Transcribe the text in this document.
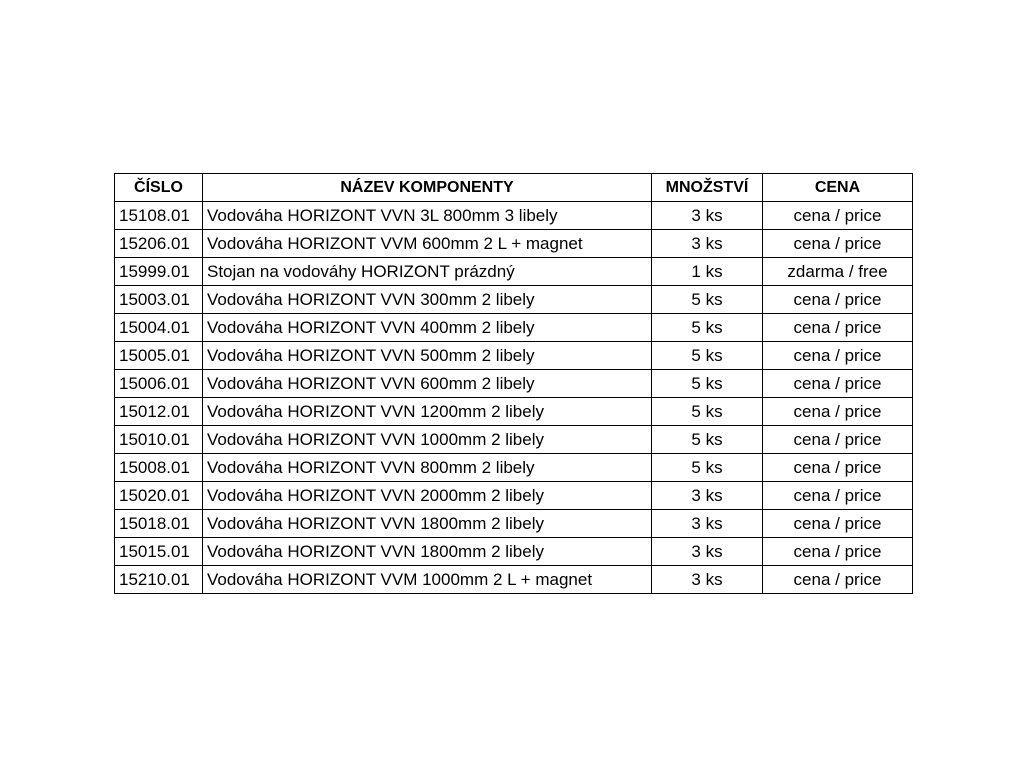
ČÍSLO	NÁZEV KOMPONENTY	MNOŽSTVÍ	CENA
15108.01	Vodováha HORIZONT VVN 3L 800mm 3 libely	3 ks	cena / price
15206.01	Vodováha HORIZONT VVM 600mm 2 L + magnet	3 ks	cena / price
15999.01	Stojan na vodováhy HORIZONT prázdný	1 ks	zdarma / free
15003.01	Vodováha HORIZONT VVN 300mm 2 libely	5 ks	cena / price
15004.01	Vodováha HORIZONT VVN 400mm 2 libely	5 ks	cena / price
15005.01	Vodováha HORIZONT VVN 500mm 2 libely	5 ks	cena / price
15006.01	Vodováha HORIZONT VVN 600mm 2 libely	5 ks	cena / price
15012.01	Vodováha HORIZONT VVN 1200mm 2 libely	5 ks	cena / price
15010.01	Vodováha HORIZONT VVN 1000mm 2 libely	5 ks	cena / price
15008.01	Vodováha HORIZONT VVN 800mm 2 libely	5 ks	cena / price
15020.01	Vodováha HORIZONT VVN 2000mm 2 libely	3 ks	cena / price
15018.01	Vodováha HORIZONT VVN 1800mm 2 libely	3 ks	cena / price
15015.01	Vodováha HORIZONT VVN 1800mm 2 libely	3 ks	cena / price
15210.01	Vodováha HORIZONT VVM 1000mm 2 L + magnet	3 ks	cena / price
